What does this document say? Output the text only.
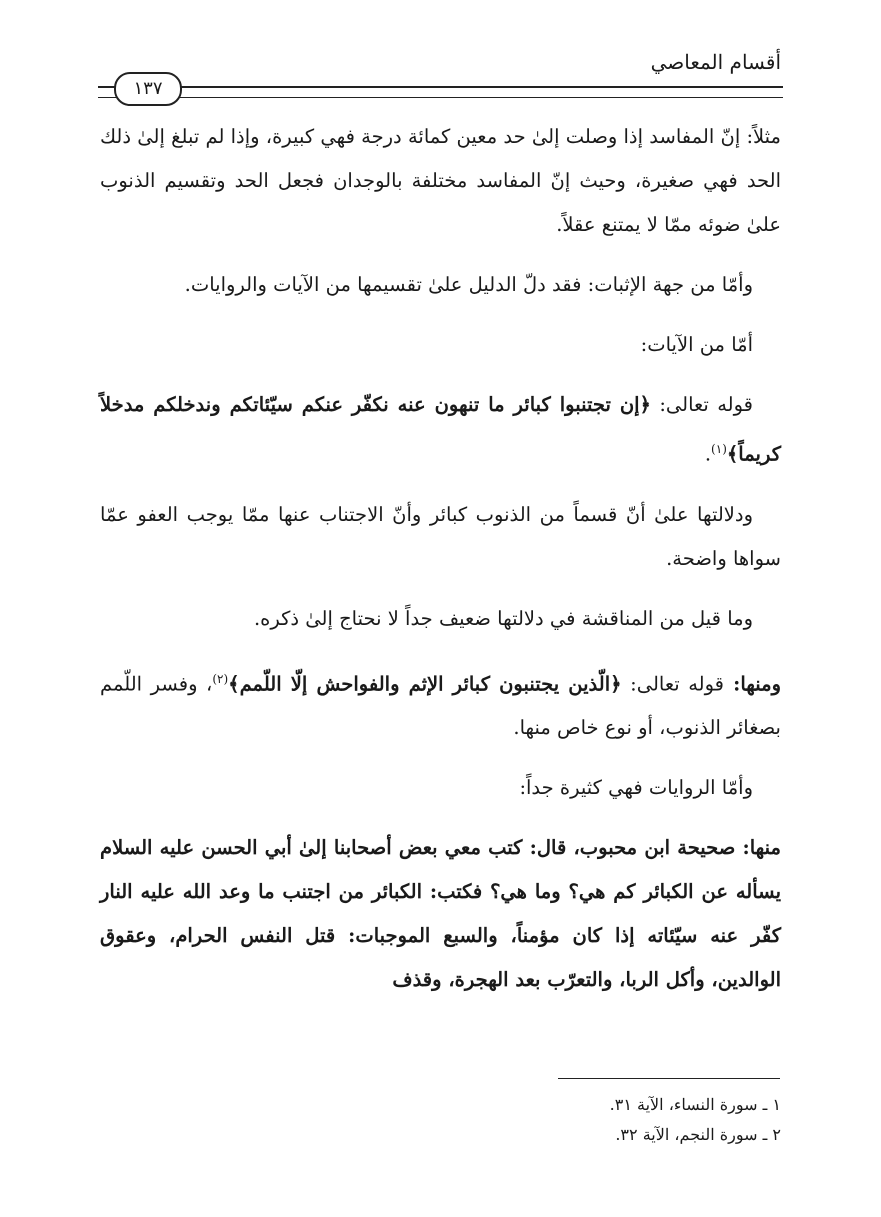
أقسام المعاصي
١٣٧

مثلاً: إنّ المفاسد إذا وصلت إلىٰ حد معين كمائة درجة فهي كبيرة، وإذا لم تبلغ إلىٰ ذلك الحد فهي صغيرة، وحيث إنّ المفاسد مختلفة بالوجدان فجعل الحد وتقسيم الذنوب علىٰ ضوئه ممّا لا يمتنع عقلاً.

وأمّا من جهة الإثبات: فقد دلّ الدليل علىٰ تقسيمها من الآيات والروايات.

أمّا من الآيات:

قوله تعالى: ﴿إن تجتنبوا كبائر ما تنهون عنه نكفّر عنكم سيّئاتكم وندخلكم مدخلاً كريماً﴾$^{(١)}$.

ودلالتها علىٰ أنّ قسماً من الذنوب كبائر وأنّ الاجتناب عنها ممّا يوجب العفو عمّا سواها واضحة.

وما قيل من المناقشة في دلالتها ضعيف جداً لا نحتاج إلىٰ ذكره.

ومنها: قوله تعالى: ﴿الّذين يجتنبون كبائر الإثم والفواحش إلّا اللّمم﴾$^{(٢)}$، وفسر اللّمم بصغائر الذنوب، أو نوع خاص منها.

وأمّا الروايات فهي كثيرة جداً:

منها: صحيحة ابن محبوب، قال: كتب معي بعض أصحابنا إلىٰ أبي الحسن عليه السلام يسأله عن الكبائر كم هي؟ وما هي؟ فكتب: الكبائر من اجتنب ما وعد الله عليه النار كفّر عنه سيّئاته إذا كان مؤمناً، والسبع الموجبات: قتل النفس الحرام، وعقوق الوالدين، وأكل الربا، والتعرّب بعد الهجرة، وقذف

١ ـ سورة النساء، الآية ٣١.
٢ ـ سورة النجم، الآية ٣٢.
